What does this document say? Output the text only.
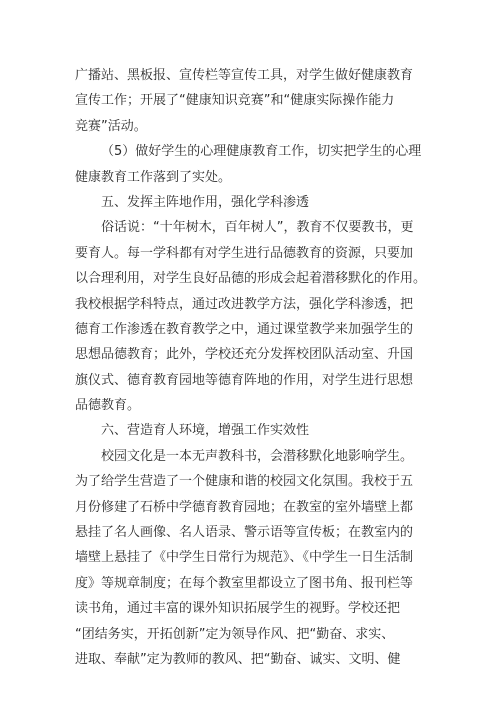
广播站、黑板报、宣传栏等宣传工具，对学生做好健康教育
宣传工作；开展了“健康知识竞赛”和“健康实际操作能力
竞赛”活动。
（5）做好学生的心理健康教育工作，切实把学生的心理
健康教育工作落到了实处。
五、发挥主阵地作用，强化学科渗透
俗话说：“十年树木，百年树人”，教育不仅要教书，更
要育人。每一学科都有对学生进行品德教育的资源，只要加
以合理利用，对学生良好品德的形成会起着潜移默化的作用。
我校根据学科特点，通过改进教学方法，强化学科渗透，把
德育工作渗透在教育教学之中，通过课堂教学来加强学生的
思想品德教育；此外，学校还充分发挥校团队活动室、升国
旗仪式、德育教育园地等德育阵地的作用，对学生进行思想
品德教育。
六、营造育人环境，增强工作实效性
校园文化是一本无声教科书，会潜移默化地影响学生。
为了给学生营造了一个健康和谐的校园文化氛围。我校于五
月份修建了石桥中学德育教育园地；在教室的室外墙壁上都
悬挂了名人画像、名人语录、警示语等宣传板；在教室内的
墙壁上悬挂了《中学生日常行为规范》、《中学生一日生活制
度》等规章制度；在每个教室里都设立了图书角、报刊栏等
读书角，通过丰富的课外知识拓展学生的视野。学校还把
“团结务实，开拓创新”定为领导作风、把“勤奋、求实、
进取、奉献”定为教师的教风、把“勤奋、诚实、文明、健
